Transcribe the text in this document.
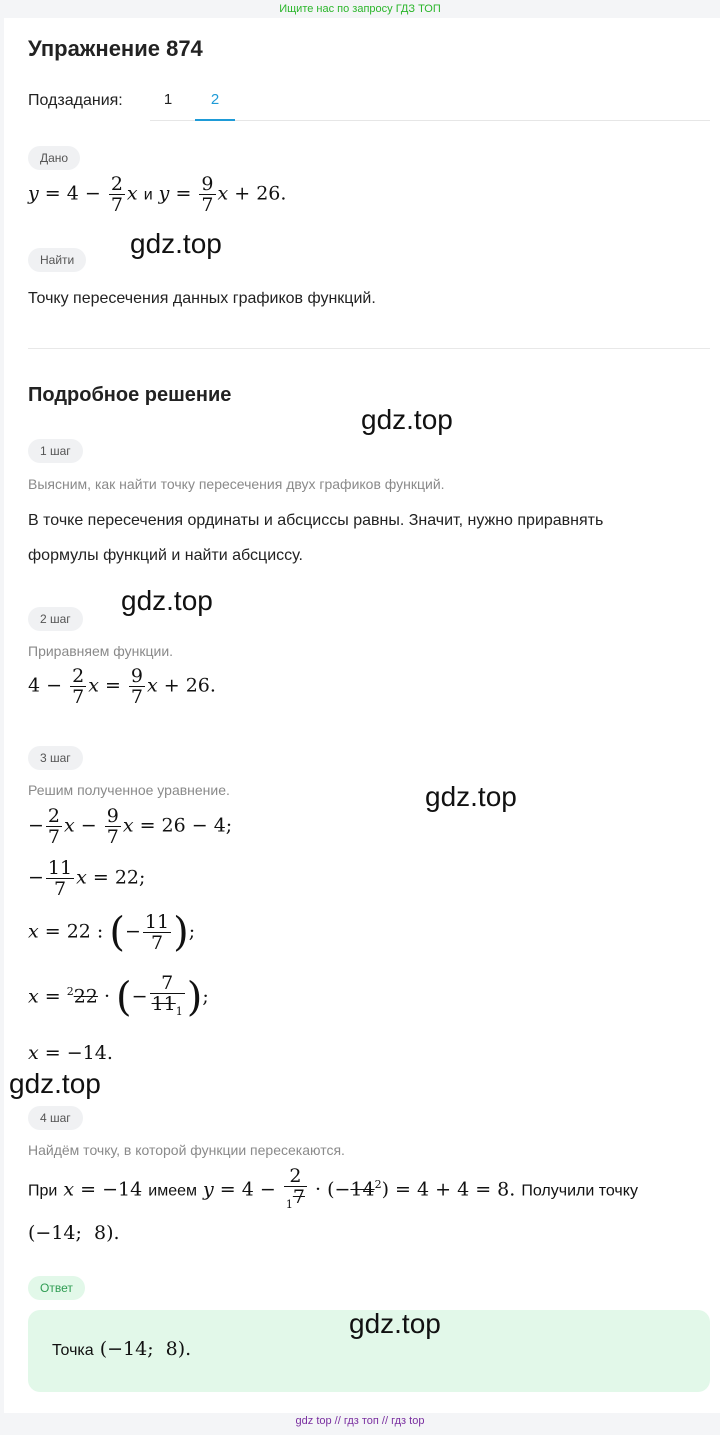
Ищите нас по запросу ГДЗ ТОП
Упражнение 874
Подзадания:	1	2
Дано
$y = 4 - \frac{2}{7}$ x и $y = \frac{9}{7}$ x + 26.
Найти
Точку пересечения данных графиков функций.
Подробное решение
1 шаг
Выясним, как найти точку пересечения двух графиков функций.
В точке пересечения ординаты и абсциссы равны. Значит, нужно приравнять
формулы функций и найти абсциссу.
2 шаг
Приравняем функции.
$4 - \frac{2}{7}$ $x = \frac{9}{7}$ x + 26.
3 шаг
Решим полученное уравнение.
− $\frac{2}{7}$ $x - \frac{9}{7}$ x = 26 − 4;
− $\frac{11}{7}$ x = 22;
x = 22 : (− $\frac{11}{7}$ );
x = $^2$22 · (− $\frac{7}{11_1}$ );
x = −14.
4 шаг
Найдём точку, в которой функции пересекаются.
При x = −14 имеем $y = 4 - \frac{2}{_17} \cdot (-14^2) = 4 + 4 = 8$. Получили точку
(−14;  8).
Ответ
Точка (−14;  8).
gdz.top
gdz.top
gdz.top
gdz.top
gdz.top
gdz.top
gdz top // гдз топ // гдз top
